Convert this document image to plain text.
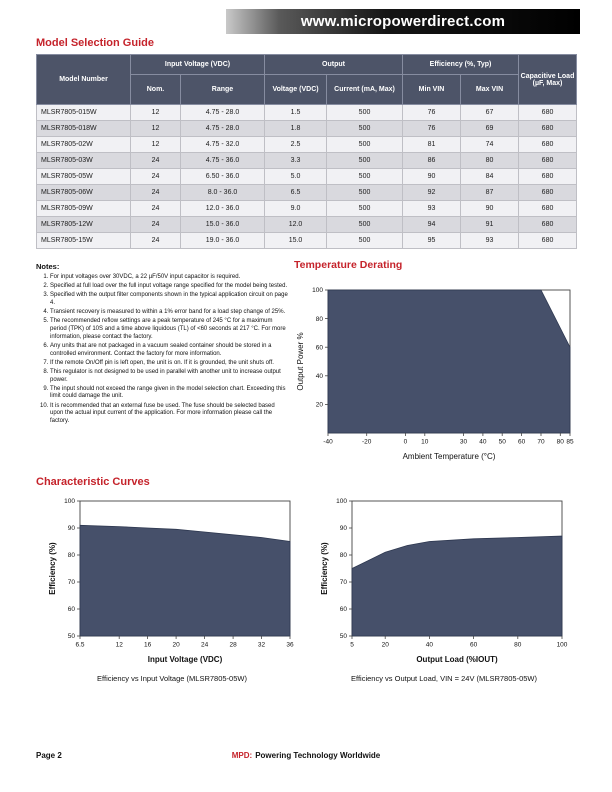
www.micropowerdirect.com
Model Selection Guide
Model Number	Input Voltage (VDC)		Output		Efficiency (%, Typ)		Capacitive Load (µF, Max)
	Nom.	Range	Voltage (VDC)	Current (mA, Max)	Min VIN	Max VIN	
MLSR7805-015W	12	4.75 - 28.0	1.5	500	76	67	680
MLSR7805-018W	12	4.75 - 28.0	1.8	500	76	69	680
MLSR7805-02W	12	4.75 - 32.0	2.5	500	81	74	680
MLSR7805-03W	24	4.75 - 36.0	3.3	500	86	80	680
MLSR7805-05W	24	6.50 - 36.0	5.0	500	90	84	680
MLSR7805-06W	24	8.0 - 36.0	6.5	500	92	87	680
MLSR7805-09W	24	12.0 - 36.0	9.0	500	93	90	680
MLSR7805-12W	24	15.0 - 36.0	12.0	500	94	91	680
MLSR7805-15W	24	19.0 - 36.0	15.0	500	95	93	680
Notes:
1. For input voltages over 30VDC, a 22 µF/50V input capacitor is required.
2. Specified at full load over the full input voltage range specified for the model being tested.
3. Specified with the output filter components shown in the typical application circuit on page 4.
4. Transient recovery is measured to within a 1% error band for a load step change of 25%.
5. The recommended reflow settings are a peak temperature of 245 °C for a maximum period (TPK) of 10S and a time above liquidous (TL) of <60 seconds at 217 °C. For more information, please contact the factory.
6. Any units that are not packaged in a vacuum sealed container should be stored in a controlled environment. Contact the factory for more information.
7. If the remote On/Off pin is left open, the unit is on. If it is grounded, the unit shuts off.
8. This regulator is not designed to be used in parallel with another unit to increase output power.
9. The input should not exceed the range given in the model selection chart. Exceeding this limit could damage the unit.
10. It is recommended that an external fuse be used. The fuse should be selected based upon the actual input current of the application. For more information please call the factory.
Temperature Derating
-40	-20	0 10	30 40 50 60 70 80 85
20
40
60
80
100
Ambient Temperature (°C)
Output Power %
Characteristic Curves
6.5	12	16	20	24	28	32	36
50
60
70
80
90
100
Input Voltage (VDC)
Efficiency (%)
Efficiency vs Input Voltage (MLSR7805-05W)
5	20	40	60	80	100
50
60
70
80
90
100
Output Load (%IOUT)
Efficiency (%)
Efficiency vs Output Load, VIN = 24V (MLSR7805-05W)
Page 2	MPD: Powering Technology Worldwide
